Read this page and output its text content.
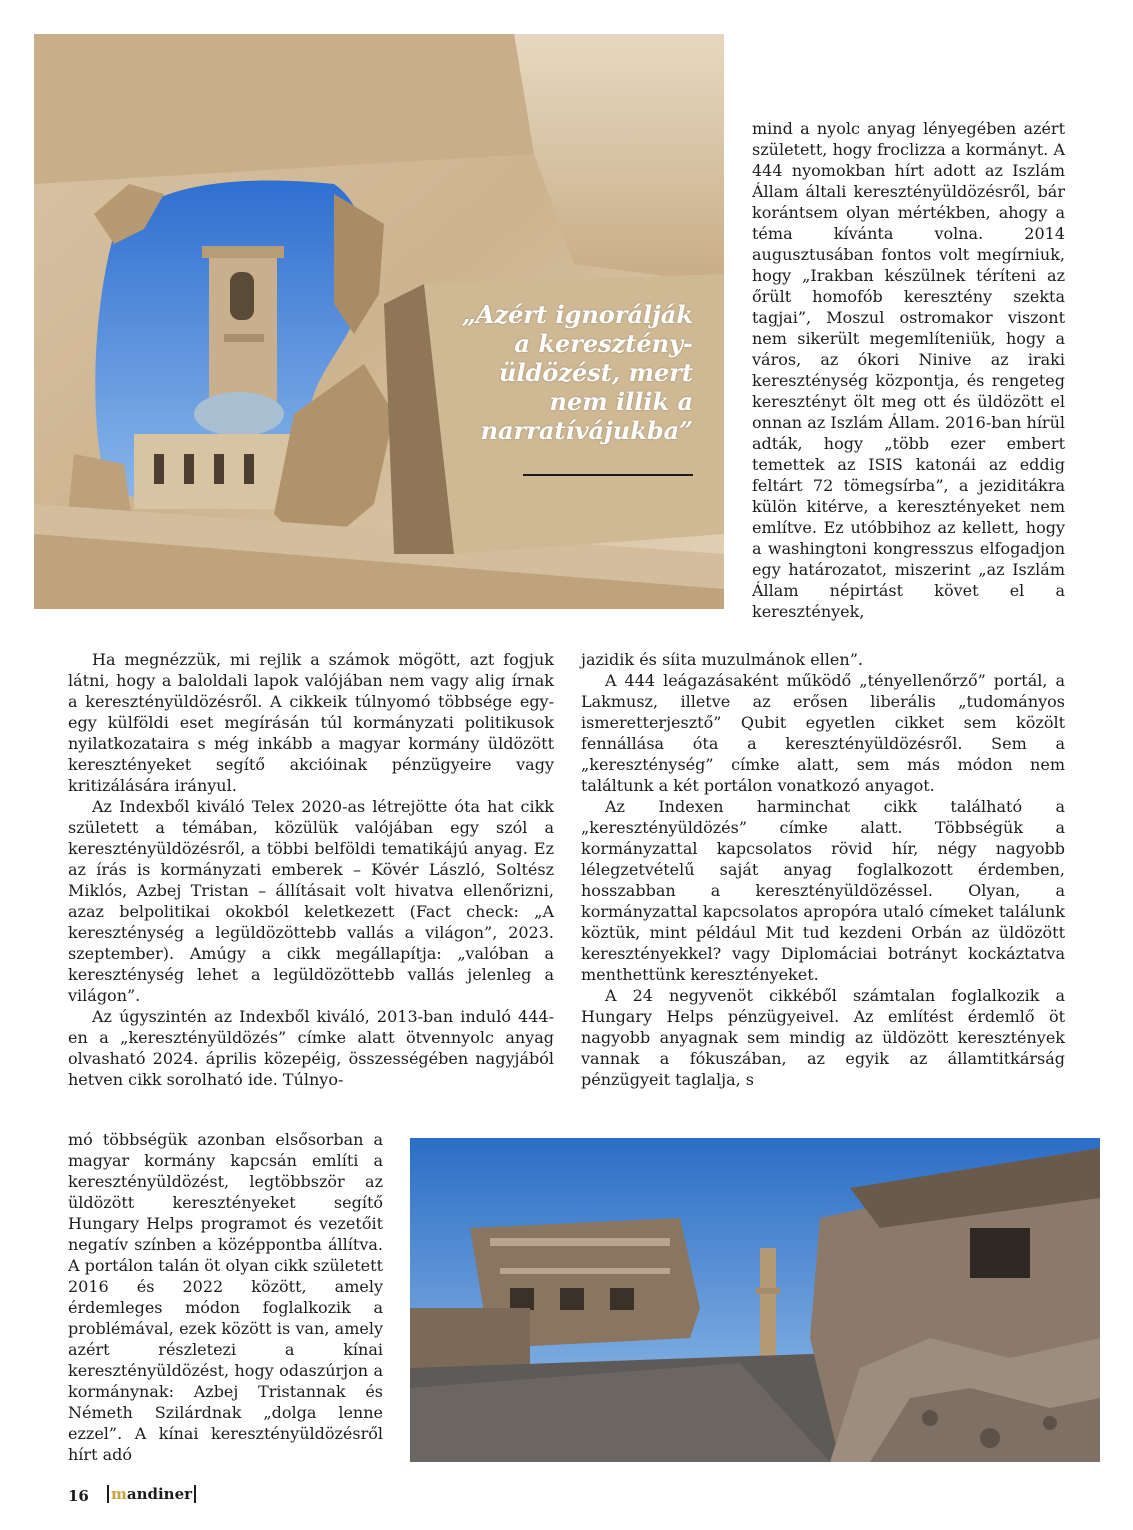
„Azért ignorálják a keresztény-üldözést, mert nem illik a narratívájukba”

mind a nyolc anyag lényegében azért született, hogy froclizza a kormányt. A 444 nyomokban hírt adott az Iszlám Állam általi keresztényüldözésről, bár korántsem olyan mértékben, ahogy a téma kívánta volna. 2014 augusztusában fontos volt megírniuk, hogy „Irakban készülnek téríteni az őrült homofób keresztény szekta tagjai”, Moszul ostromakor viszont nem sikerült megemlíteniük, hogy a város, az ókori Ninive az iraki kereszténység központja, és rengeteg keresztényt ölt meg ott és üldözött el onnan az Iszlám Állam. 2016-ban hírül adták, hogy „több ezer embert temettek az ISIS katonái az eddig feltárt 72 tömegsírba”, a jeziditákra külön kitérve, a keresztényeket nem említve. Ez utóbbihoz az kellett, hogy a washingtoni kongresszus elfogadjon egy határozatot, miszerint „az Iszlám Állam népirtást követ el a keresztények,

Ha megnézzük, mi rejlik a számok mögött, azt fogjuk látni, hogy a baloldali lapok valójában nem vagy alig írnak a keresztényüldözésről. A cikkeik túlnyomó többsége egy-egy külföldi eset megírásán túl kormányzati politikusok nyilatkozataira s még inkább a magyar kormány üldözött keresztényeket segítő akcióinak pénzügyeire vagy kritizálására irányul.

Az Indexből kiváló Telex 2020-as létrejötte óta hat cikk született a témában, közülük valójában egy szól a keresztényüldözésről, a többi belföldi tematikájú anyag. Ez az írás is kormányzati emberek – Kövér László, Soltész Miklós, Azbej Tristan – állításait volt hivatva ellenőrizni, azaz belpolitikai okokból keletkezett (Fact check: „A kereszténység a legüldözöttebb vallás a világon”, 2023. szeptember). Amúgy a cikk megállapítja: „valóban a kereszténység lehet a legüldözöttebb vallás jelenleg a világon”.

Az úgyszintén az Indexből kiváló, 2013-ban induló 444-en a „keresztényüldözés” címke alatt ötvennyolc anyag olvasható 2024. április közepéig, összességében nagyjából hetven cikk sorolható ide. Túlnyo-

mó többségük azonban elsősorban a magyar kormány kapcsán említi a keresztényüldözést, legtöbbször az üldözött keresztényeket segítő Hungary Helps programot és vezetőit negatív színben a középpontba állítva. A portálon talán öt olyan cikk született 2016 és 2022 között, amely érdemleges módon foglalkozik a problémával, ezek között is van, amely azért részletezi a kínai keresztényüldözést, hogy odaszúrjon a kormánynak: Azbej Tristannak és Németh Szilárdnak „dolga lenne ezzel”. A kínai keresztényüldözésről hírt adó

jazidik és síita muzulmánok ellen”.

A 444 leágazásaként működő „tényellenőrző” portál, a Lakmusz, illetve az erősen liberális „tudományos ismeretterjesztő” Qubit egyetlen cikket sem közölt fennállása óta a keresztényüldözésről. Sem a „kereszténység” címke alatt, sem más módon nem találtunk a két portálon vonatkozó anyagot.

Az Indexen harminchat cikk található a „keresztényüldözés” címke alatt. Többségük a kormányzattal kapcsolatos rövid hír, négy nagyobb lélegzetvételű saját anyag foglalkozott érdemben, hosszabban a keresztényüldözéssel. Olyan, a kormányzattal kapcsolatos apropóra utaló címeket találunk köztük, mint például Mit tud kezdeni Orbán az üldözött keresztényekkel? vagy Diplomáciai botrányt kockáztatva menthettünk keresztényeket.

A 24 negyvenöt cikkéből számtalan foglalkozik a Hungary Helps pénzügyeivel. Az említést érdemlő öt nagyobb anyagnak sem mindig az üldözött keresztények vannak a fókuszában, az egyik az államtitkárság pénzügyeit taglalja, s

16 mandiner
